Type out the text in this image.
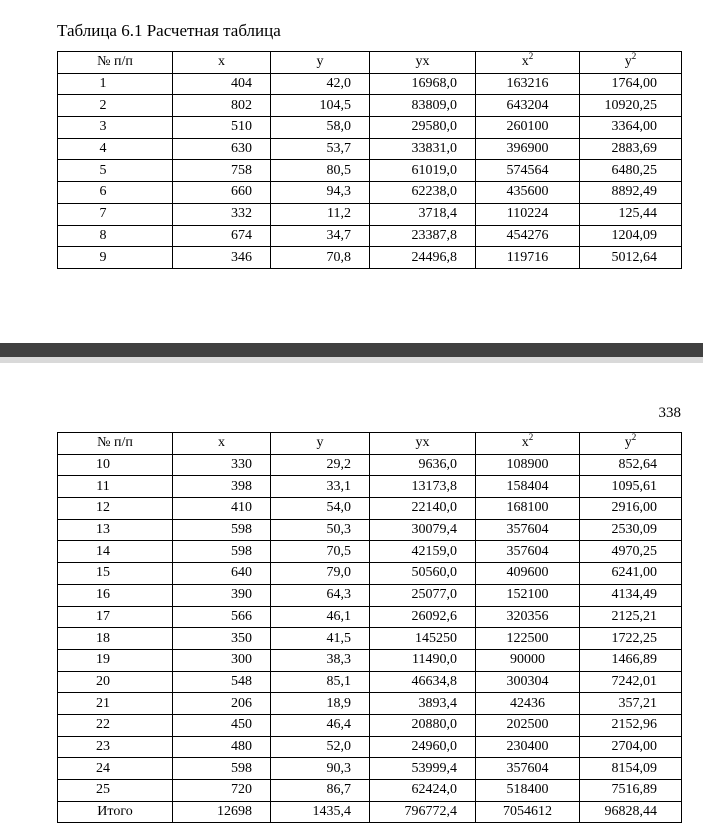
Таблица 6.1 Расчетная таблица
№ п/п	x	y	yx	$x^2$	$y^2$
1	404	42,0	16968,0	163216	1764,00
2	802	104,5	83809,0	643204	10920,25
3	510	58,0	29580,0	260100	3364,00
4	630	53,7	33831,0	396900	2883,69
5	758	80,5	61019,0	574564	6480,25
6	660	94,3	62238,0	435600	8892,49
7	332	11,2	3718,4	110224	125,44
8	674	34,7	23387,8	454276	1204,09
9	346	70,8	24496,8	119716	5012,64
338
№ п/п	x	y	yx	$x^2$	$y^2$
10	330	29,2	9636,0	108900	852,64
11	398	33,1	13173,8	158404	1095,61
12	410	54,0	22140,0	168100	2916,00
13	598	50,3	30079,4	357604	2530,09
14	598	70,5	42159,0	357604	4970,25
15	640	79,0	50560,0	409600	6241,00
16	390	64,3	25077,0	152100	4134,49
17	566	46,1	26092,6	320356	2125,21
18	350	41,5	145250	122500	1722,25
19	300	38,3	11490,0	90000	1466,89
20	548	85,1	46634,8	300304	7242,01
21	206	18,9	3893,4	42436	357,21
22	450	46,4	20880,0	202500	2152,96
23	480	52,0	24960,0	230400	2704,00
24	598	90,3	53999,4	357604	8154,09
25	720	86,7	62424,0	518400	7516,89
Итого	12698	1435,4	796772,4	7054612	96828,44
